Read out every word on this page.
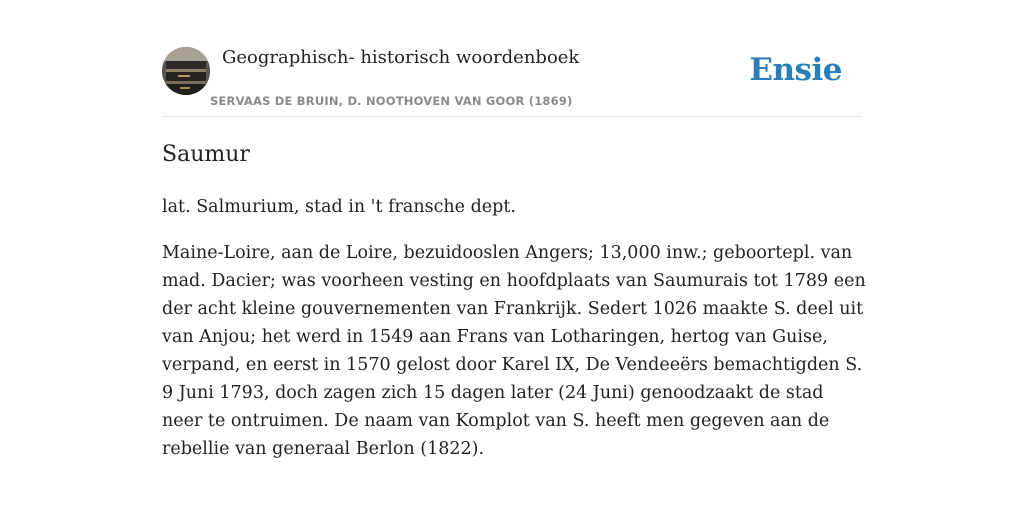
Geographisch- historisch woordenboek
SERVAAS DE BRUIN, D. NOOTHOVEN VAN GOOR (1869)
Ensie
Saumur

lat. Salmurium, stad in 't fransche dept.

Maine-Loire, aan de Loire, bezuidooslen Angers; 13,000 inw.; geboortepl. van mad. Dacier; was voorheen vesting en hoofdplaats van Saumurais tot 1789 een der acht kleine gouvernementen van Frankrijk. Sedert 1026 maakte S. deel uit van Anjou; het werd in 1549 aan Frans van Lotharingen, hertog van Guise, verpand, en eerst in 1570 gelost door Karel IX, De Vendeeërs bemachtigden S. 9 Juni 1793, doch zagen zich 15 dagen later (24 Juni) genoodzaakt de stad neer te ontruimen. De naam van Komplot van S. heeft men gegeven aan de rebellie van generaal Berlon (1822).
